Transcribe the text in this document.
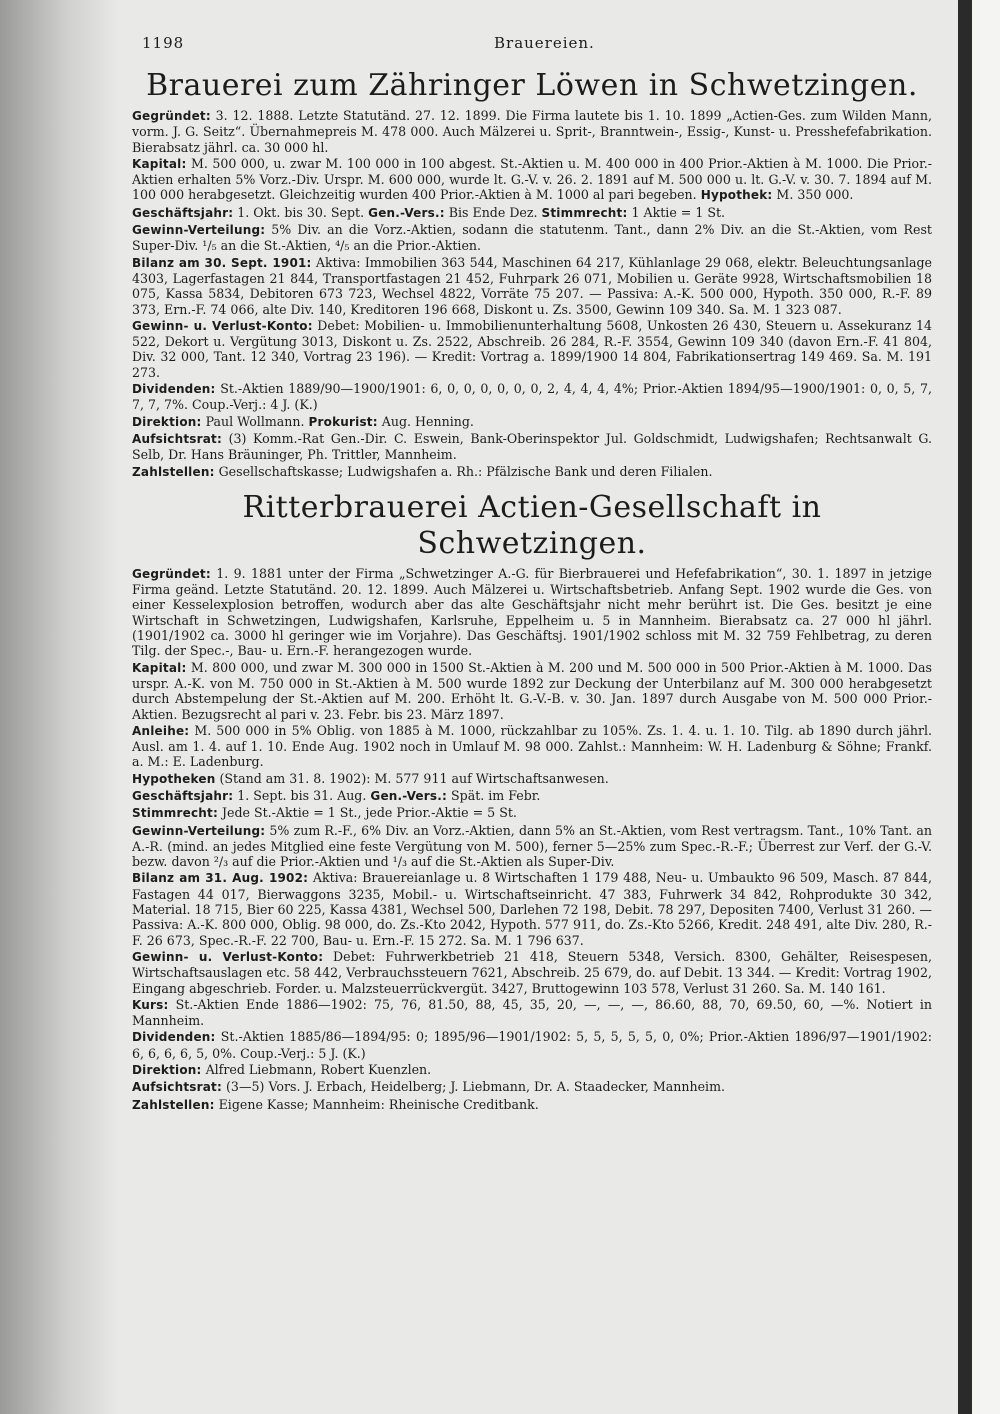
1198	Brauereien.
Brauerei zum Zähringer Löwen in Schwetzingen.
Gegründet: 3. 12. 1888. Letzte Statutänd. 27. 12. 1899. Die Firma lautete bis 1. 10. 1899 „Actien-Ges. zum Wilden Mann, vorm. J. G. Seitz“. Übernahmepreis M. 478 000. Auch Mälzerei u. Sprit-, Branntwein-, Essig-, Kunst- u. Presshefefabrikation. Bierabsatz jährl. ca. 30 000 hl.
Kapital: M. 500 000, u. zwar M. 100 000 in 100 abgest. St.-Aktien u. M. 400 000 in 400 Prior.-Aktien à M. 1000. Die Prior.-Aktien erhalten 5% Vorz.-Div. Urspr. M. 600 000, wurde lt. G.-V. v. 26. 2. 1891 auf M. 500 000 u. lt. G.-V. v. 30. 7. 1894 auf M. 100 000 herabgesetzt. Gleichzeitig wurden 400 Prior.-Aktien à M. 1000 al pari begeben. Hypothek: M. 350 000.
Geschäftsjahr: 1. Okt. bis 30. Sept. Gen.-Vers.: Bis Ende Dez. Stimmrecht: 1 Aktie = 1 St.
Gewinn-Verteilung: 5% Div. an die Vorz.-Aktien, sodann die statutenm. Tant., dann 2% Div. an die St.-Aktien, vom Rest Super-Div. ¹/₅ an die St.-Aktien, ⁴/₅ an die Prior.-Aktien.
Bilanz am 30. Sept. 1901: Aktiva: Immobilien 363 544, Maschinen 64 217, Kühlanlage 29 068, elektr. Beleuchtungsanlage 4303, Lagerfastagen 21 844, Transportfastagen 21 452, Fuhrpark 26 071, Mobilien u. Geräte 9928, Wirtschaftsmobilien 18 075, Kassa 5834, Debitoren 673 723, Wechsel 4822, Vorräte 75 207. — Passiva: A.-K. 500 000, Hypoth. 350 000, R.-F. 89 373, Ern.-F. 74 066, alte Div. 140, Kreditoren 196 668, Diskont u. Zs. 3500, Gewinn 109 340. Sa. M. 1 323 087.
Gewinn- u. Verlust-Konto: Debet: Mobilien- u. Immobilienunterhaltung 5608, Unkosten 26 430, Steuern u. Assekuranz 14 522, Dekort u. Vergütung 3013, Diskont u. Zs. 2522, Abschreib. 26 284, R.-F. 3554, Gewinn 109 340 (davon Ern.-F. 41 804, Div. 32 000, Tant. 12 340, Vortrag 23 196). — Kredit: Vortrag a. 1899/1900 14 804, Fabrikationsertrag 149 469. Sa. M. 191 273.
Dividenden: St.-Aktien 1889/90—1900/1901: 6, 0, 0, 0, 0, 0, 0, 2, 4, 4, 4, 4%; Prior.-Aktien 1894/95—1900/1901: 0, 0, 5, 7, 7, 7, 7%. Coup.-Verj.: 4 J. (K.)
Direktion: Paul Wollmann. Prokurist: Aug. Henning.
Aufsichtsrat: (3) Komm.-Rat Gen.-Dir. C. Eswein, Bank-Oberinspektor Jul. Goldschmidt, Ludwigshafen; Rechtsanwalt G. Selb, Dr. Hans Bräuninger, Ph. Trittler, Mannheim.
Zahlstellen: Gesellschaftskasse; Ludwigshafen a. Rh.: Pfälzische Bank und deren Filialen.
Ritterbrauerei Actien-Gesellschaft in Schwetzingen.
Gegründet: 1. 9. 1881 unter der Firma „Schwetzinger A.-G. für Bierbrauerei und Hefefabrikation“, 30. 1. 1897 in jetzige Firma geänd. Letzte Statutänd. 20. 12. 1899. Auch Mälzerei u. Wirtschaftsbetrieb. Anfang Sept. 1902 wurde die Ges. von einer Kesselexplosion betroffen, wodurch aber das alte Geschäftsjahr nicht mehr berührt ist. Die Ges. besitzt je eine Wirtschaft in Schwetzingen, Ludwigshafen, Karlsruhe, Eppelheim u. 5 in Mannheim. Bierabsatz ca. 27 000 hl jährl. (1901/1902 ca. 3000 hl geringer wie im Vorjahre). Das Geschäftsj. 1901/1902 schloss mit M. 32 759 Fehlbetrag, zu deren Tilg. der Spec.-, Bau- u. Ern.-F. herangezogen wurde.
Kapital: M. 800 000, und zwar M. 300 000 in 1500 St.-Aktien à M. 200 und M. 500 000 in 500 Prior.-Aktien à M. 1000. Das urspr. A.-K. von M. 750 000 in St.-Aktien à M. 500 wurde 1892 zur Deckung der Unterbilanz auf M. 300 000 herabgesetzt durch Abstempelung der St.-Aktien auf M. 200. Erhöht lt. G.-V.-B. v. 30. Jan. 1897 durch Ausgabe von M. 500 000 Prior.-Aktien. Bezugsrecht al pari v. 23. Febr. bis 23. März 1897.
Anleihe: M. 500 000 in 5% Oblig. von 1885 à M. 1000, rückzahlbar zu 105%. Zs. 1. 4. u. 1. 10. Tilg. ab 1890 durch jährl. Ausl. am 1. 4. auf 1. 10. Ende Aug. 1902 noch in Umlauf M. 98 000. Zahlst.: Mannheim: W. H. Ladenburg & Söhne; Frankf. a. M.: E. Ladenburg.
Hypotheken (Stand am 31. 8. 1902): M. 577 911 auf Wirtschaftsanwesen.
Geschäftsjahr: 1. Sept. bis 31. Aug. Gen.-Vers.: Spät. im Febr.
Stimmrecht: Jede St.-Aktie = 1 St., jede Prior.-Aktie = 5 St.
Gewinn-Verteilung: 5% zum R.-F., 6% Div. an Vorz.-Aktien, dann 5% an St.-Aktien, vom Rest vertragsm. Tant., 10% Tant. an A.-R. (mind. an jedes Mitglied eine feste Vergütung von M. 500), ferner 5—25% zum Spec.-R.-F.; Überrest zur Verf. der G.-V. bezw. davon ²/₃ auf die Prior.-Aktien und ¹/₃ auf die St.-Aktien als Super-Div.
Bilanz am 31. Aug. 1902: Aktiva: Brauereianlage u. 8 Wirtschaften 1 179 488, Neu- u. Umbaukto 96 509, Masch. 87 844, Fastagen 44 017, Bierwaggons 3235, Mobil.- u. Wirtschaftseinricht. 47 383, Fuhrwerk 34 842, Rohprodukte 30 342, Material. 18 715, Bier 60 225, Kassa 4381, Wechsel 500, Darlehen 72 198, Debit. 78 297, Depositen 7400, Verlust 31 260. — Passiva: A.-K. 800 000, Oblig. 98 000, do. Zs.-Kto 2042, Hypoth. 577 911, do. Zs.-Kto 5266, Kredit. 248 491, alte Div. 280, R.-F. 26 673, Spec.-R.-F. 22 700, Bau- u. Ern.-F. 15 272. Sa. M. 1 796 637.
Gewinn- u. Verlust-Konto: Debet: Fuhrwerkbetrieb 21 418, Steuern 5348, Versich. 8300, Gehälter, Reisespesen, Wirtschaftsauslagen etc. 58 442, Verbrauchssteuern 7621, Abschreib. 25 679, do. auf Debit. 13 344. — Kredit: Vortrag 1902, Eingang abgeschrieb. Forder. u. Malzsteuerrückvergüt. 3427, Bruttogewinn 103 578, Verlust 31 260. Sa. M. 140 161.
Kurs: St.-Aktien Ende 1886—1902: 75, 76, 81.50, 88, 45, 35, 20, —, —, —, 86.60, 88, 70, 69.50, 60, —%. Notiert in Mannheim.
Dividenden: St.-Aktien 1885/86—1894/95: 0; 1895/96—1901/1902: 5, 5, 5, 5, 5, 0, 0%; Prior.-Aktien 1896/97—1901/1902: 6, 6, 6, 6, 5, 0%. Coup.-Verj.: 5 J. (K.)
Direktion: Alfred Liebmann, Robert Kuenzlen.
Aufsichtsrat: (3—5) Vors. J. Erbach, Heidelberg; J. Liebmann, Dr. A. Staadecker, Mannheim.
Zahlstellen: Eigene Kasse; Mannheim: Rheinische Creditbank.
